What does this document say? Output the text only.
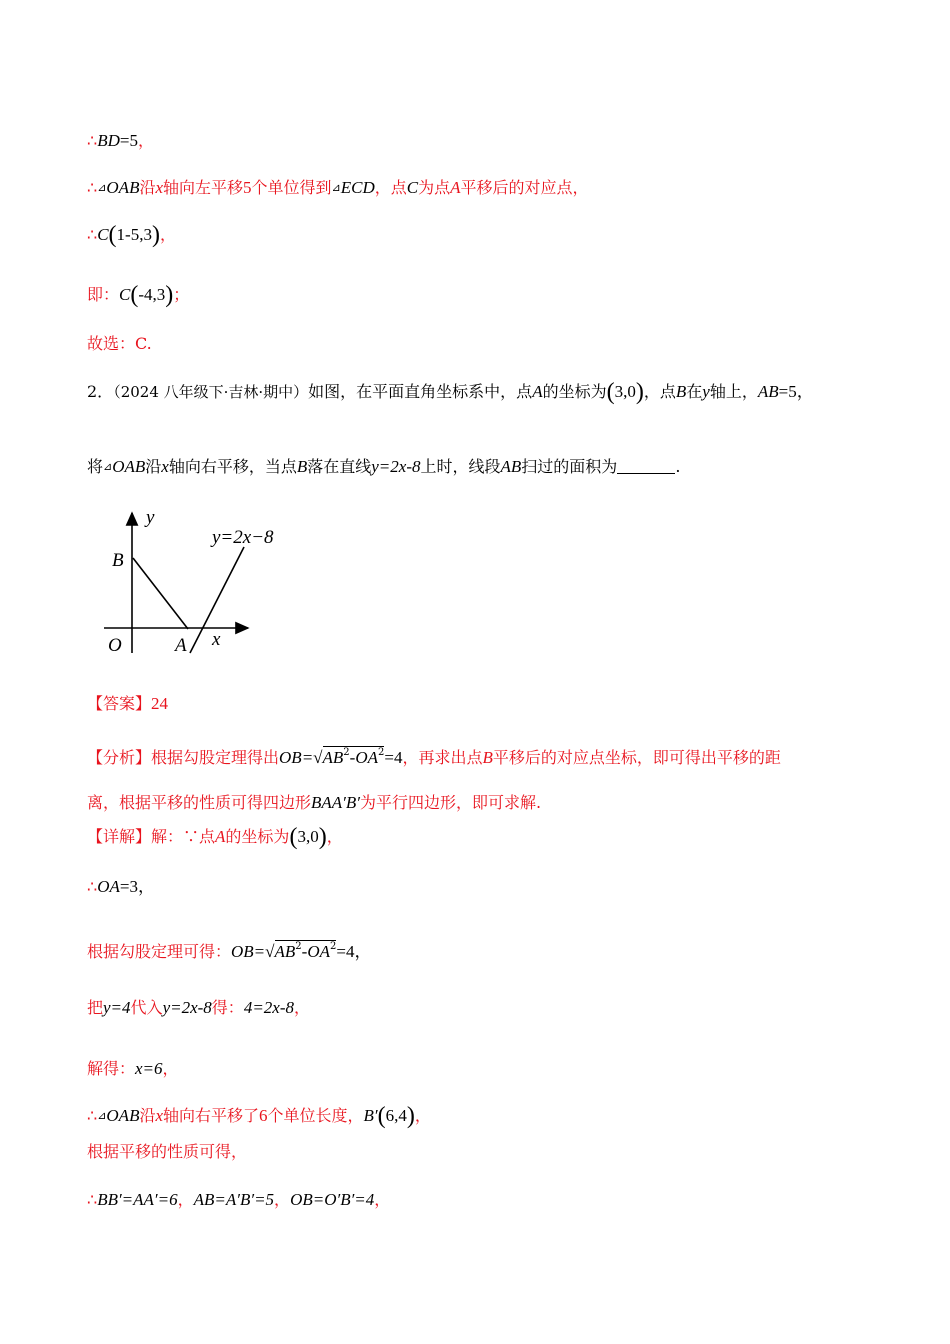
∴BD=5，
∴⊿OAB沿x轴向左平移5个单位得到⊿ECD，点C为点A平移后的对应点，
∴C(1-5,3)，
即：C(-4,3)；
故选：C.
2．（2024 八年级下·吉林·期中）如图，在平面直角坐标系中，点A的坐标为(3,0)，点B在y轴上，AB=5，
将⊿OAB沿x轴向右平移，当点B落在直线y=2x-8上时，线段AB扫过的面积为	.
y
x
B
O	A
y=2x−8
【答案】24
【分析】根据勾股定理得出$OB=√AB^2-OA^2=4$，再求出点B平移后的对应点坐标，即可得出平移的距
离，根据平移的性质可得四边形BAA′B′为平行四边形，即可求解.
【详解】解：∵点A的坐标为(3,0)，
∴OA=3，
根据勾股定理可得：$OB=√AB^2-OA^2=4$，
把y=4代入y=2x-8得：4=2x-8，
解得：x=6，
∴⊿OAB沿x轴向右平移了6个单位长度，B′(6,4)，
根据平移的性质可得，
∴BB′=AA′=6，AB=A′B′=5，OB=O′B′=4，
